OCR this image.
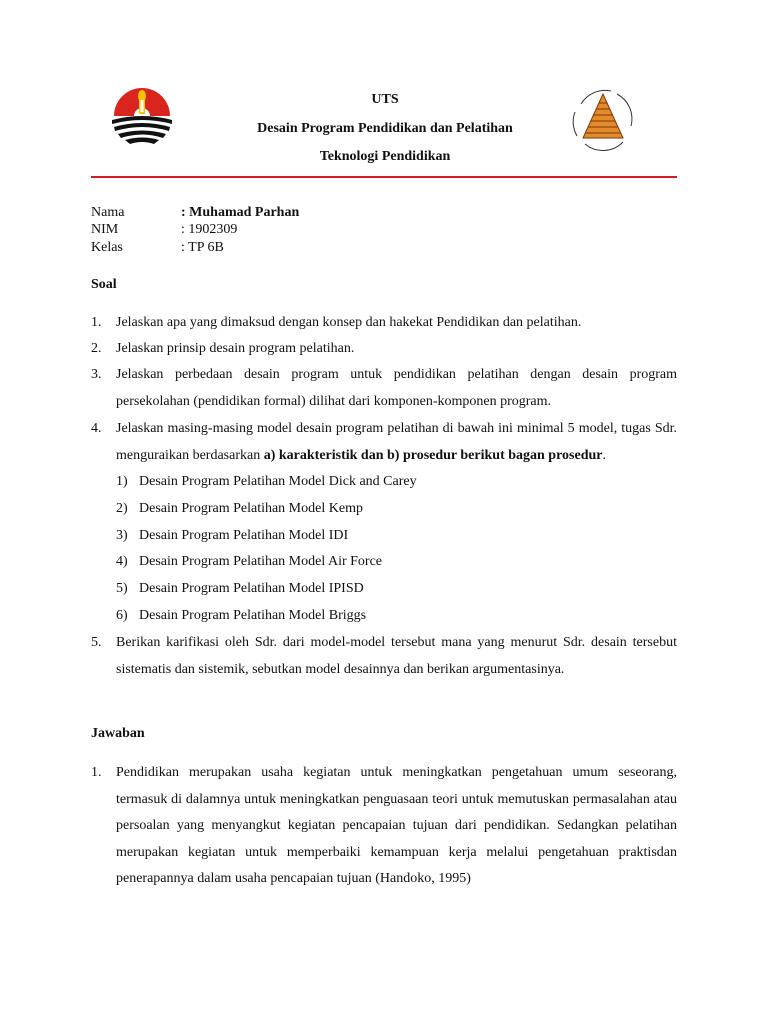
UTS
Desain Program Pendidikan dan Pelatihan
Teknologi Pendidikan
Nama	: Muhamad Parhan
NIM	: 1902309
Kelas	: TP 6B
Soal
1. Jelaskan apa yang dimaksud dengan konsep dan hakekat Pendidikan dan pelatihan.
2. Jelaskan prinsip desain program pelatihan.
3. Jelaskan perbedaan desain program untuk pendidikan pelatihan dengan desain program persekolahan (pendidikan formal) dilihat dari komponen-komponen program.
4. Jelaskan masing-masing model desain program pelatihan di bawah ini minimal 5 model, tugas Sdr. menguraikan berdasarkan a) karakteristik dan b) prosedur berikut bagan prosedur.
1) Desain Program Pelatihan Model Dick and Carey
2) Desain Program Pelatihan Model Kemp
3) Desain Program Pelatihan Model IDI
4) Desain Program Pelatihan Model Air Force
5) Desain Program Pelatihan Model IPISD
6) Desain Program Pelatihan Model Briggs
5. Berikan karifikasi oleh Sdr. dari model-model tersebut mana yang menurut Sdr. desain tersebut sistematis dan sistemik, sebutkan model desainnya dan berikan argumentasinya.
Jawaban
1. Pendidikan merupakan usaha kegiatan untuk meningkatkan pengetahuan umum seseorang, termasuk di dalamnya untuk meningkatkan penguasaan teori untuk memutuskan permasalahan atau persoalan yang menyangkut kegiatan pencapaian tujuan dari pendidikan. Sedangkan pelatihan merupakan kegiatan untuk memperbaiki kemampuan kerja melalui pengetahuan praktisdan penerapannya dalam usaha pencapaian tujuan (Handoko, 1995)
